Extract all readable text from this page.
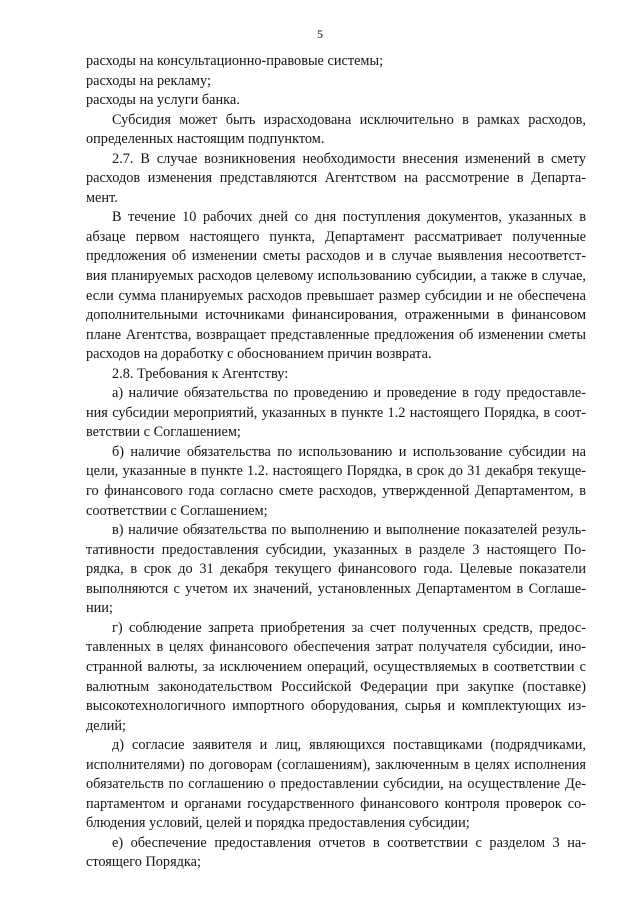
5
расходы на консультационно-правовые системы;
расходы на рекламу;
расходы на услуги банка.
Субсидия может быть израсходована исключительно в рамках расходов,
определенных настоящим подпунктом.
2.7. В случае возникновения необходимости внесения изменений в смету
расходов изменения представляются Агентством на рассмотрение в Департа-
мент.
В течение 10 рабочих дней со дня поступления документов, указанных в
абзаце первом настоящего пункта, Департамент рассматривает полученные
предложения об изменении сметы расходов и в случае выявления несоответст-
вия планируемых расходов целевому использованию субсидии, а также в случае,
если сумма планируемых расходов превышает размер субсидии и не обеспечена
дополнительными источниками финансирования, отраженными в финансовом
плане Агентства, возвращает представленные предложения об изменении сметы
расходов на доработку с обоснованием причин возврата.
2.8. Требования к Агентству:
а) наличие обязательства по проведению и проведение в году предоставле-
ния субсидии мероприятий, указанных в пункте 1.2 настоящего Порядка, в соот-
ветствии с Соглашением;
б) наличие обязательства по использованию и использование субсидии на
цели, указанные в пункте 1.2. настоящего Порядка, в срок до 31 декабря текуще-
го финансового года согласно смете расходов, утвержденной Департаментом, в
соответствии с Соглашением;
в) наличие обязательства по выполнению и выполнение показателей резуль-
тативности предоставления субсидии, указанных в разделе 3 настоящего По-
рядка, в срок до 31 декабря текущего финансового года. Целевые показатели
выполняются с учетом их значений, установленных Департаментом в Соглаше-
нии;
г) соблюдение запрета приобретения за счет полученных средств, предос-
тавленных в целях финансового обеспечения затрат получателя субсидии, ино-
странной валюты, за исключением операций, осуществляемых в соответствии с
валютным законодательством Российской Федерации при закупке (поставке)
высокотехнологичного импортного оборудования, сырья и комплектующих из-
делий;
д) согласие заявителя и лиц, являющихся поставщиками (подрядчиками,
исполнителями) по договорам (соглашениям), заключенным в целях исполнения
обязательств по соглашению о предоставлении субсидии, на осуществление Де-
партаментом и органами государственного финансового контроля проверок со-
блюдения условий, целей и порядка предоставления субсидии;
е) обеспечение предоставления отчетов в соответствии с разделом 3 на-
стоящего Порядка;
